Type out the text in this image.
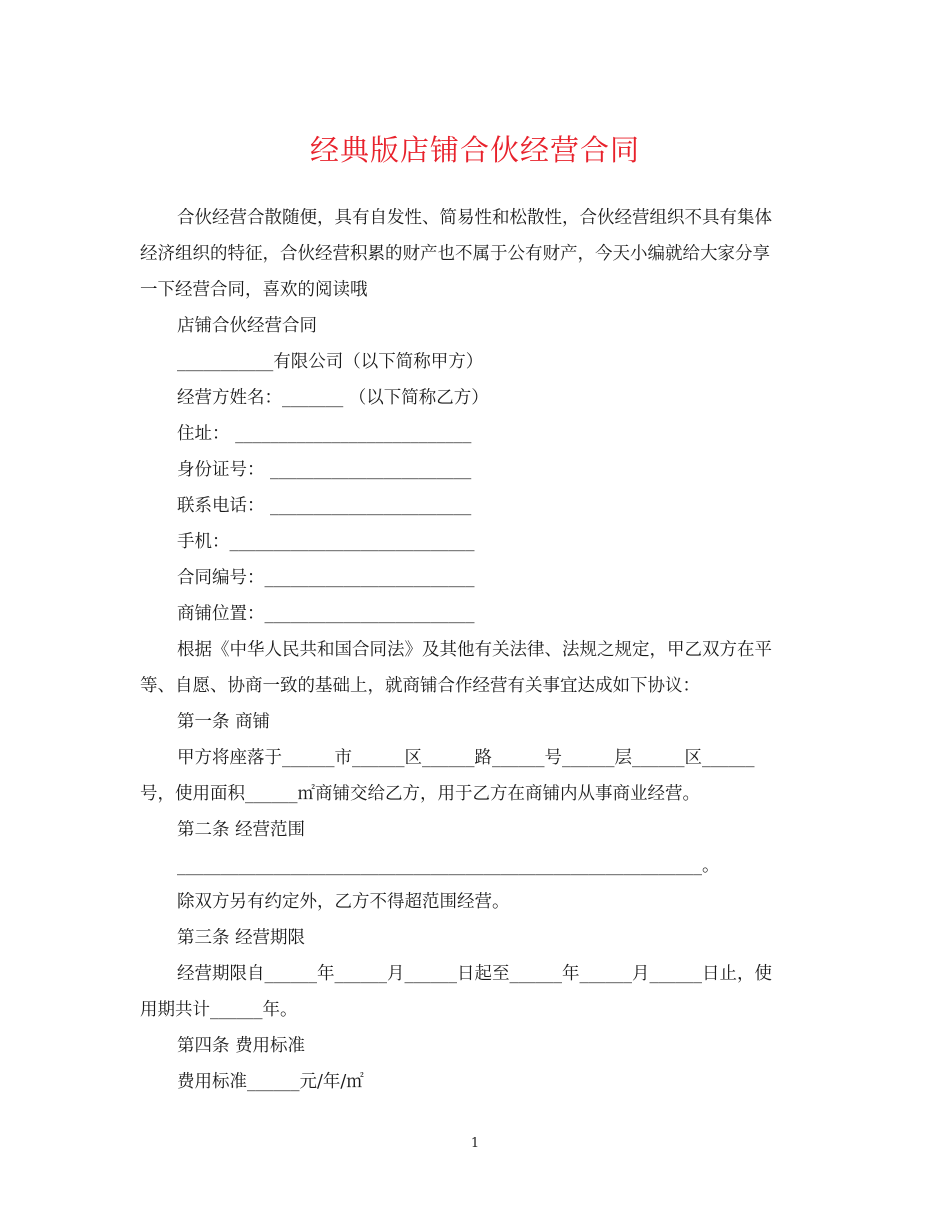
经典版店铺合伙经营合同

合伙经营合散随便，具有自发性、简易性和松散性，合伙经营组织不具有集体

经济组织的特征，合伙经营积累的财产也不属于公有财产，今天小编就给大家分享

一下经营合同，喜欢的阅读哦

店铺合伙经营合同

___________有限公司（以下简称甲方）

经营方姓名：_______ （以下简称乙方）

住址： ___________________________

身份证号： _______________________

联系电话： _______________________

手机：____________________________

合同编号：________________________

商铺位置：________________________

根据《中华人民共和国合同法》及其他有关法律、法规之规定，甲乙双方在平

等、自愿、协商一致的基础上，就商铺合作经营有关事宜达成如下协议：

第一条 商铺

甲方将座落于______市______区______路______号______层______区______

号，使用面积______㎡商铺交给乙方，用于乙方在商铺内从事商业经营。

第二条 经营范围

____________________________________________________________。

除双方另有约定外，乙方不得超范围经营。

第三条 经营期限

经营期限自______年______月______日起至______年______月______日止，使

用期共计______年。

第四条 费用标准

费用标准______元/年/㎡

1
